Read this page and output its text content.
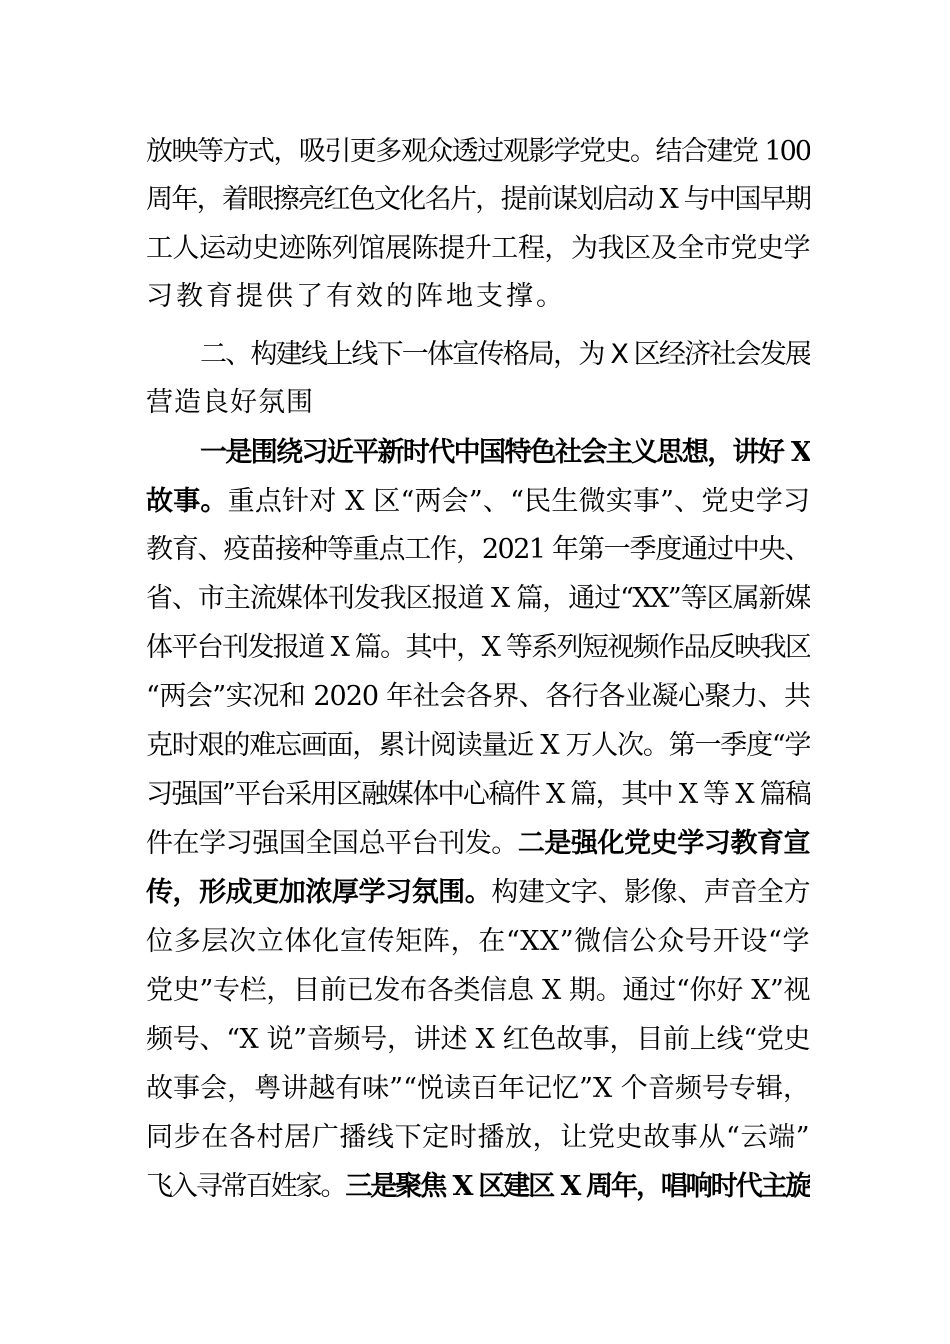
放映等方式，吸引更多观众透过观影学党史。结合建党 100
周年，着眼擦亮红色文化名片，提前谋划启动 X 与中国早期
工人运动史迹陈列馆展陈提升工程，为我区及全市党史学
习教育提供了有效的阵地支撑。
二、构建线上线下一体宣传格局，为 X 区经济社会发展
营造良好氛围
一是围绕习近平新时代中国特色社会主义思想，讲好 X
故事。重点针对 X 区“两会”、“民生微实事”、党史学习
教育、疫苗接种等重点工作，2021 年第一季度通过中央、
省、市主流媒体刊发我区报道 X 篇，通过“XX”等区属新媒
体平台刊发报道 X 篇。其中，X 等系列短视频作品反映我区
“两会”实况和 2020 年社会各界、各行各业凝心聚力、共
克时艰的难忘画面，累计阅读量近 X 万人次。第一季度“学
习强国”平台采用区融媒体中心稿件 X 篇，其中 X 等 X 篇稿
件在学习强国全国总平台刊发。二是强化党史学习教育宣
传，形成更加浓厚学习氛围。构建文字、影像、声音全方
位多层次立体化宣传矩阵，在“XX”微信公众号开设“学
党史”专栏，目前已发布各类信息 X 期。通过“你好 X”视
频号、“X 说”音频号，讲述 X 红色故事，目前上线“党史
故事会，粤讲越有味”“悦读百年记忆”X 个音频号专辑，
同步在各村居广播线下定时播放，让党史故事从“云端”
飞入寻常百姓家。三是聚焦 X 区建区 X 周年，唱响时代主旋
